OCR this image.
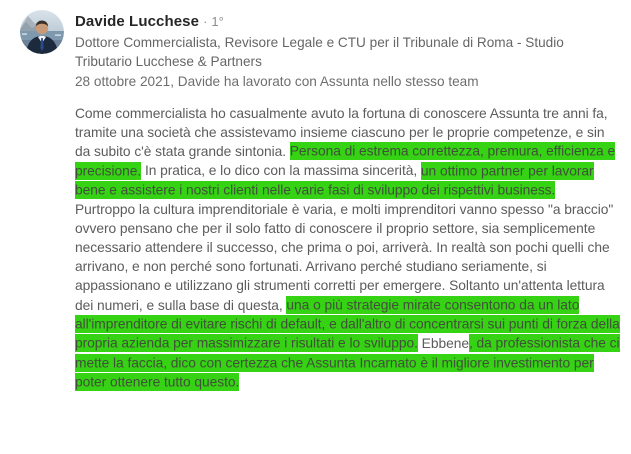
Davide Lucchese · 1°
Dottore Commercialista, Revisore Legale e CTU per il Tribunale di Roma - Studio Tributario Lucchese & Partners
28 ottobre 2021, Davide ha lavorato con Assunta nello stesso team

Come commercialista ho casualmente avuto la fortuna di conoscere Assunta tre anni fa, tramite una società che assistevamo insieme ciascuno per le proprie competenze, e sin da subito c'è stata grande sintonia. Persona di estrema correttezza, premura, efficienza e precisione. In pratica, e lo dico con la massima sincerità, un ottimo partner per lavorar bene e assistere i nostri clienti nelle varie fasi di sviluppo dei rispettivi business.

Purtroppo la cultura imprenditoriale è varia, e molti imprenditori vanno spesso "a braccio" ovvero pensano che per il solo fatto di conoscere il proprio settore, sia semplicemente necessario attendere il successo, che prima o poi, arriverà. In realtà son pochi quelli che arrivano, e non perché sono fortunati. Arrivano perché studiano seriamente, si appassionano e utilizzano gli strumenti corretti per emergere. Soltanto un'attenta lettura dei numeri, e sulla base di questa, una o più strategie mirate consentono da un lato all'imprenditore di evitare rischi di default, e dall'altro di concentrarsi sui punti di forza della propria azienda per massimizzare i risultati e lo sviluppo. Ebbene, da professionista che ci mette la faccia, dico con certezza che Assunta Incarnato è il migliore investimento per poter ottenere tutto questo.
